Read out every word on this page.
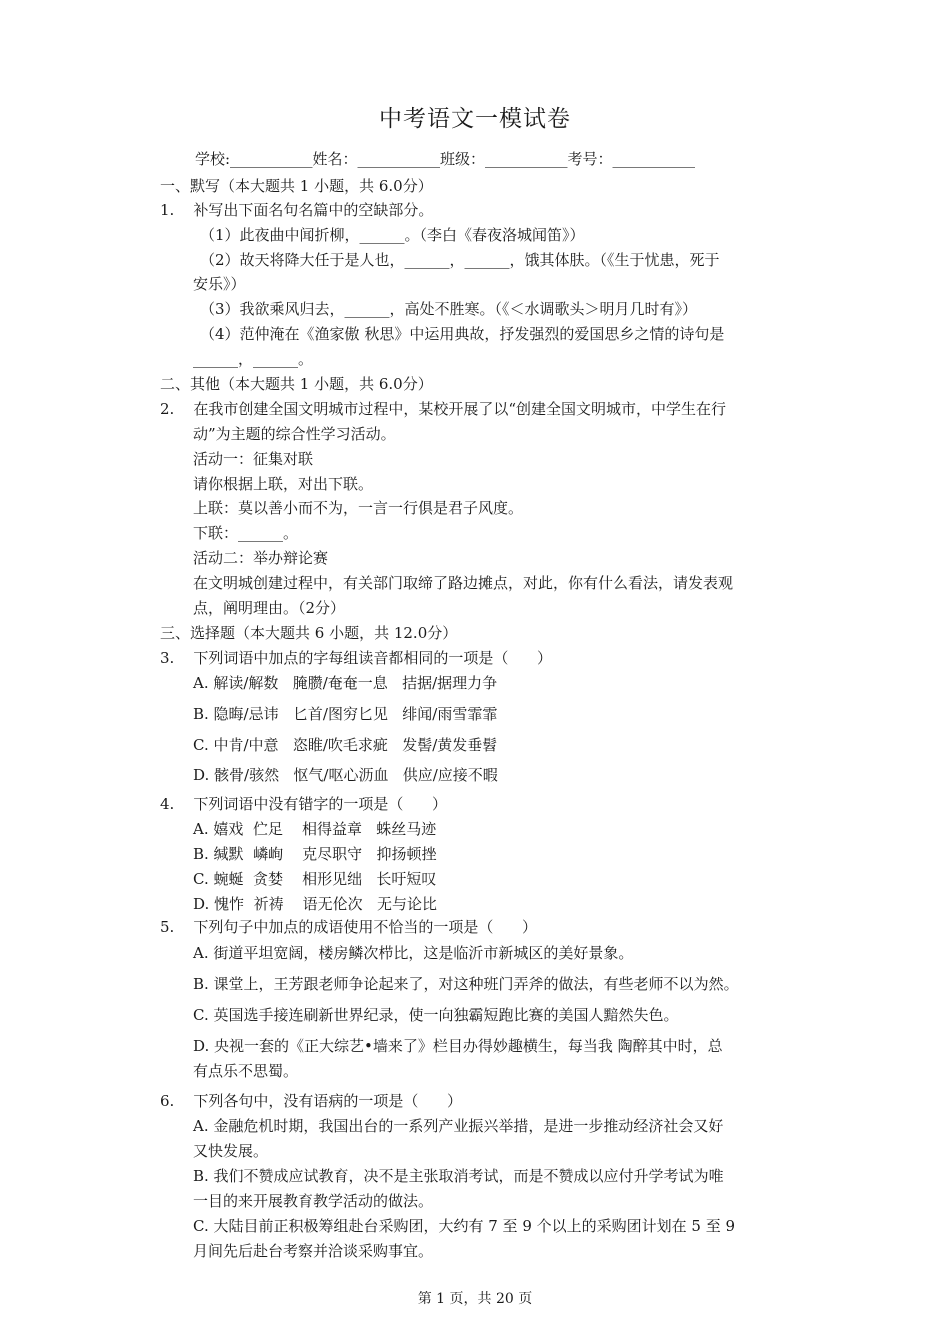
中考语文一模试卷
学校:___________姓名：___________班级：___________考号：___________
一、默写（本大题共 1 小题，共 6.0分）
1.    补写出下面名句名篇中的空缺部分。
（1）此夜曲中闻折柳，______。（李白《春夜洛城闻笛》）
（2）故天将降大任于是人也，______，______，饿其体肤。（《生于忧患，死于
安乐》）
（3）我欲乘风归去，______，高处不胜寒。（《＜水调歌头＞明月几时有》）
（4）范仲淹在《渔家傲 秋思》中运用典故，抒发强烈的爱国思乡之情的诗句是
______，______。
二、其他（本大题共 1 小题，共 6.0分）
2.    在我市创建全国文明城市过程中，某校开展了以“创建全国文明城市，中学生在行
动”为主题的综合性学习活动。
活动一：征集对联
请你根据上联，对出下联。
上联：莫以善小而不为，一言一行俱是君子风度。
下联：______。
活动二：举办辩论赛
在文明城创建过程中，有关部门取缔了路边摊点，对此，你有什么看法，请发表观
点，阐明理由。（2分）
三、选择题（本大题共 6 小题，共 12.0分）
3.    下列词语中加点的字每组读音都相同的一项是（      ）
A. 解读/解数   腌臜/奄奄一息   拮据/据理力争
B. 隐晦/忌讳   匕首/图穷匕见   绯闻/雨雪霏霏
C. 中肯/中意   恣睢/吹毛求疵   发髻/黄发垂髫
D. 骸骨/骇然   怄气/呕心沥血   供应/应接不暇
4.    下列词语中没有错字的一项是（      ）
A. 嬉戏  伫足    相得益章   蛛丝马迹
B. 缄默  嶙峋    克尽职守   抑扬顿挫
C. 蜿蜒  贪婪    相形见绌   长吁短叹
D. 愧怍  祈祷    语无伦次   无与论比
5.    下列句子中加点的成语使用不恰当的一项是（      ）
A. 街道平坦宽阔，楼房鳞次栉比，这是临沂市新城区的美好景象。
B. 课堂上，王芳跟老师争论起来了，对这种班门弄斧的做法，有些老师不以为然。
C. 英国选手接连刷新世界纪录，使一向独霸短跑比赛的美国人黯然失色。
D. 央视一套的《正大综艺•墙来了》栏目办得妙趣横生，每当我 陶醉其中时，总
有点乐不思蜀。
6.    下列各句中，没有语病的一项是（      ）
A. 金融危机时期，我国出台的一系列产业振兴举措，是进一步推动经济社会又好
又快发展。
B. 我们不赞成应试教育，决不是主张取消考试，而是不赞成以应付升学考试为唯
一目的来开展教育教学活动的做法。
C. 大陆目前正积极筹组赴台采购团，大约有 7 至 9 个以上的采购团计划在 5 至 9
月间先后赴台考察并洽谈采购事宜。
第 1 页，共 20 页
